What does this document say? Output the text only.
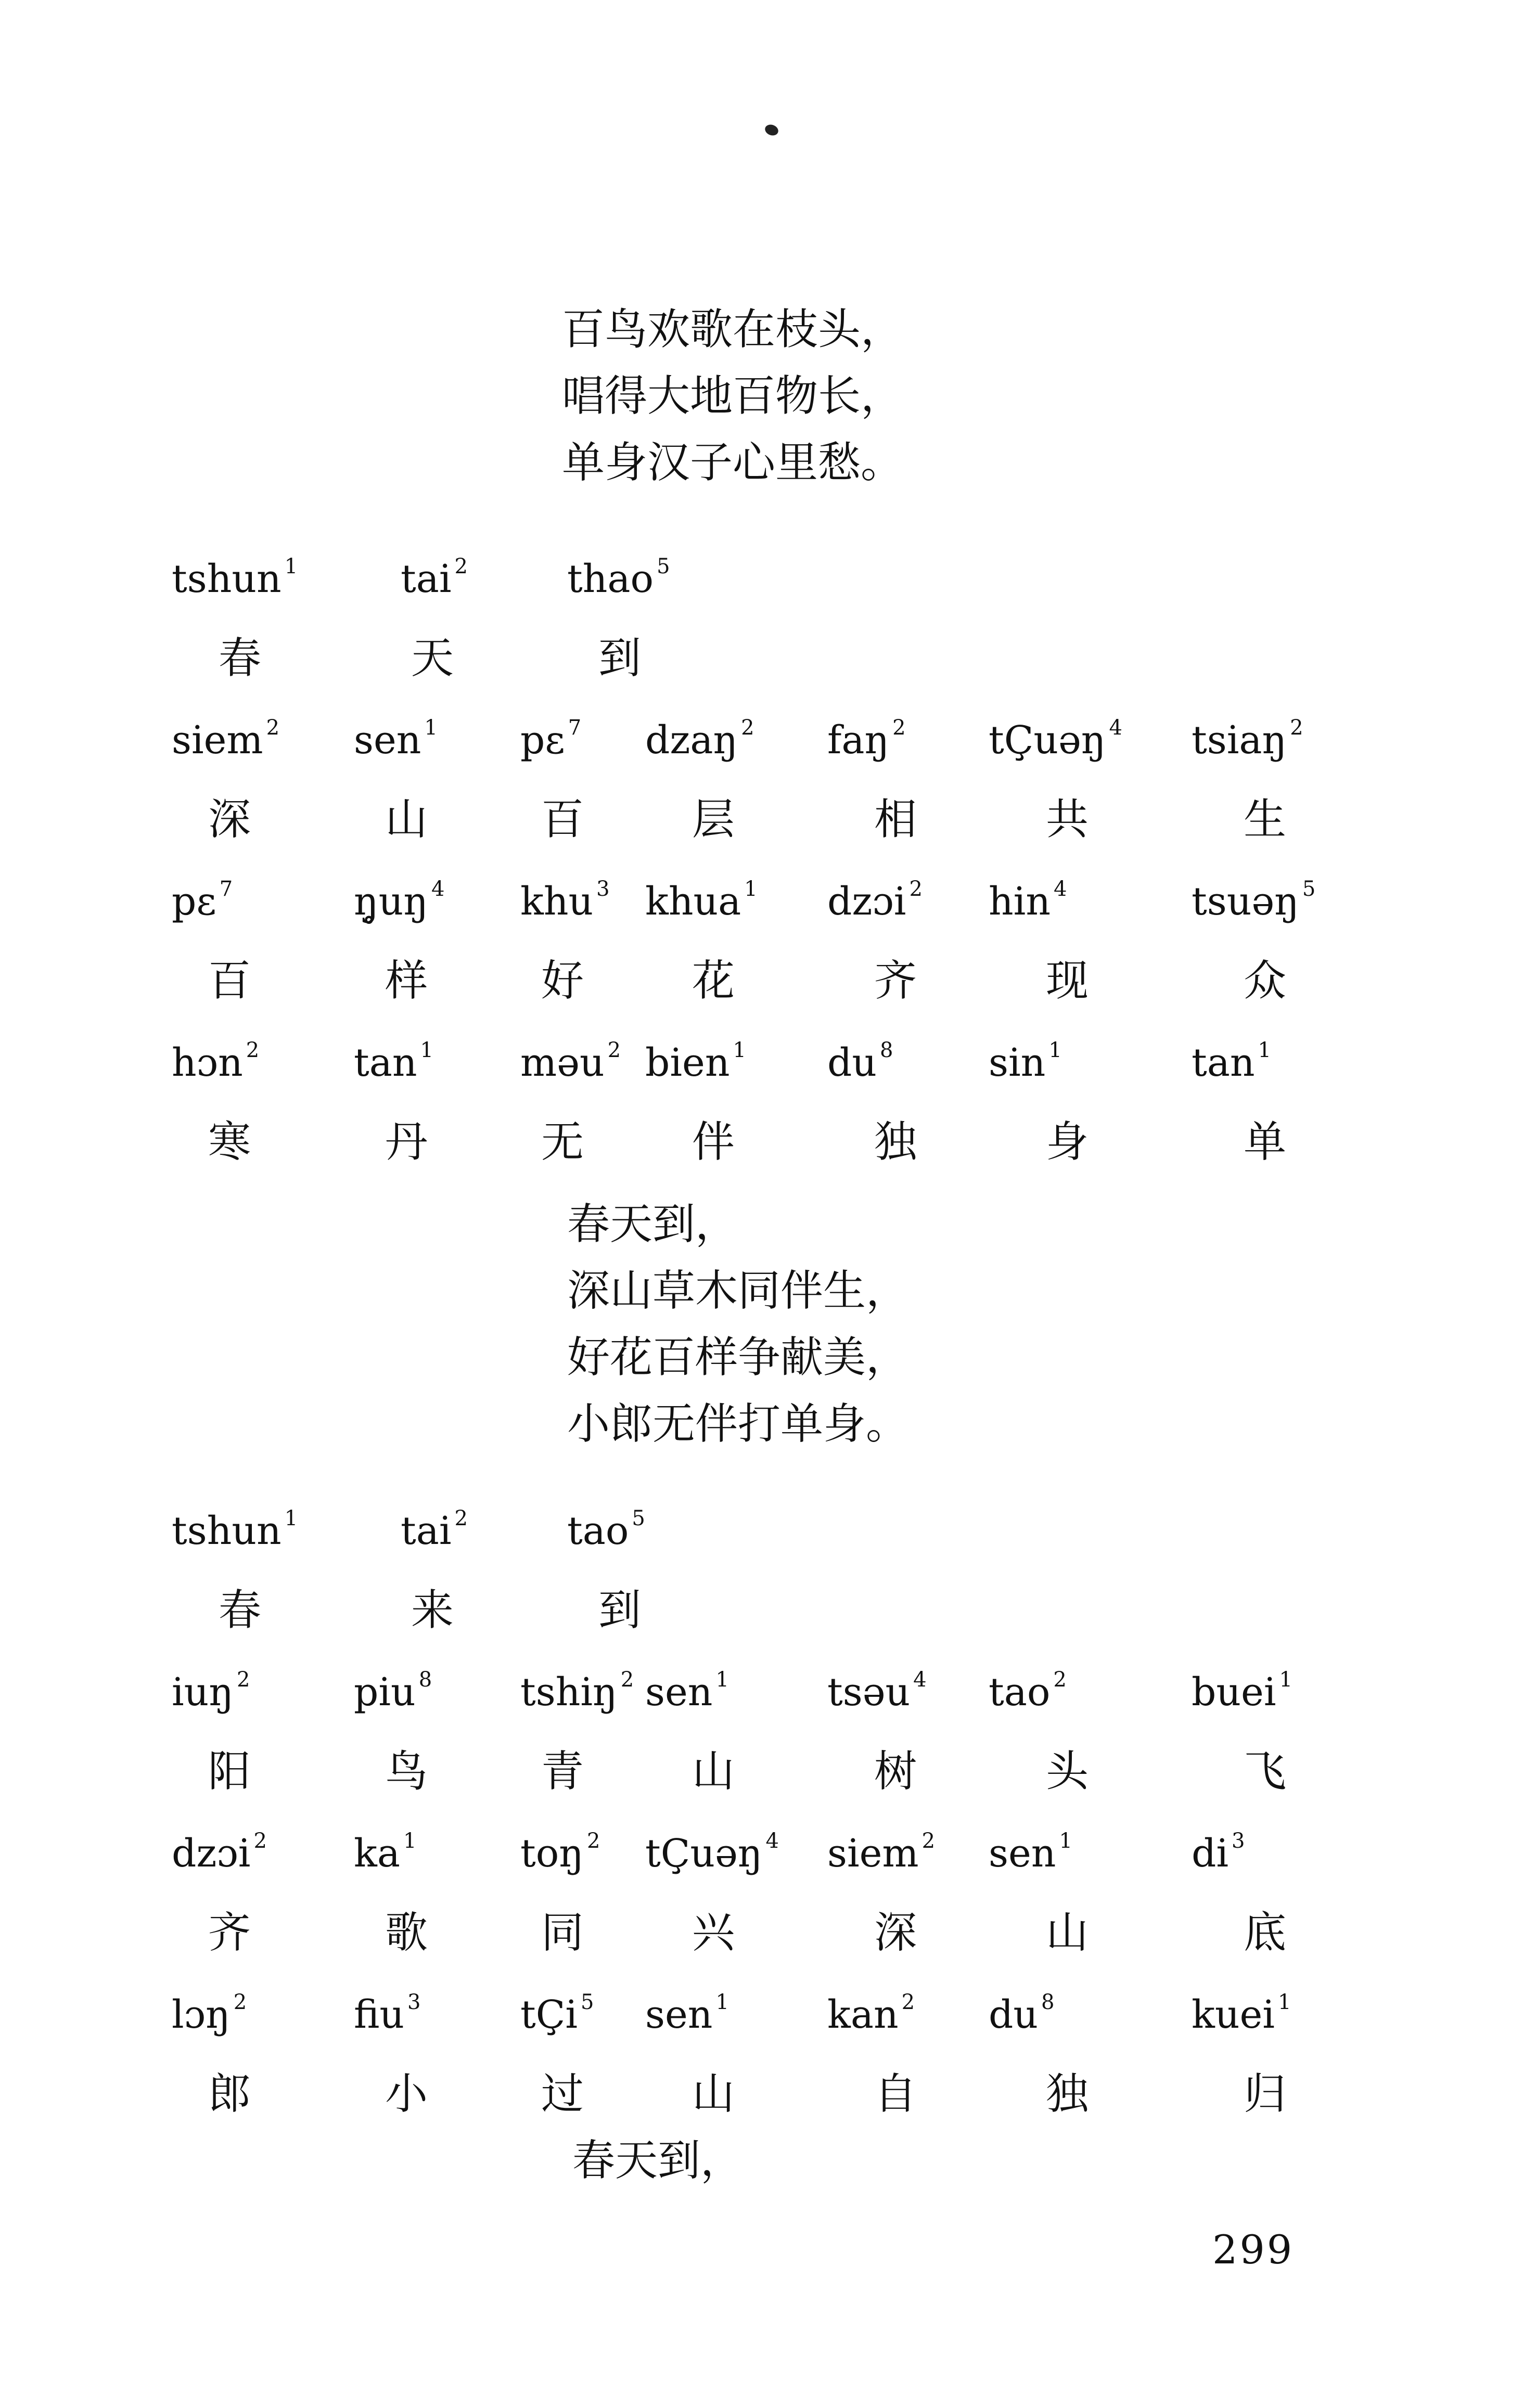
百鸟欢歌在枝头，
唱得大地百物长，
单身汉子心里愁。
tshun $^1$
春
tai $^2$
天
thao $^5$
到
siem $^2$
深
sen $^1$
山
pε $^7$
百
dzaŋ $^2$
层
faŋ $^2$
相
tÇuəŋ $^4$
共
tsiaŋ $^2$
生
pε $^7$
百
ŋ̥uŋ $^4$
样
khu $^3$
好
khua $^1$
花
dzɔi $^2$
齐
hin $^4$
现
tsuəŋ $^5$
众
hɔn $^2$
寒
tan $^1$
丹
məu $^2$
无
bien $^1$
伴
du $^8$
独
sin $^1$
身
tan $^1$
单
春天到，
深山草木同伴生，
好花百样争献美，
小郎无伴打单身。
tshun $^1$
春
tai $^2$
来
tao $^5$
到
iuŋ $^2$
阳
piu $^8$
鸟
tshiŋ $^2$
青
sen $^1$
山
tsəu $^4$
树
tao $^2$
头
buei $^1$
飞
dzɔi $^2$
齐
ka $^1$
歌
toŋ $^2$
同
tÇuəŋ $^4$
兴
siem $^2$
深
sen $^1$
山
di $^3$
底
lɔŋ $^2$
郎
fiu $^3$
小
tÇi $^5$
过
sen $^1$
山
kan $^2$
自
du $^8$
独
kuei $^1$
归
春天到，
299
